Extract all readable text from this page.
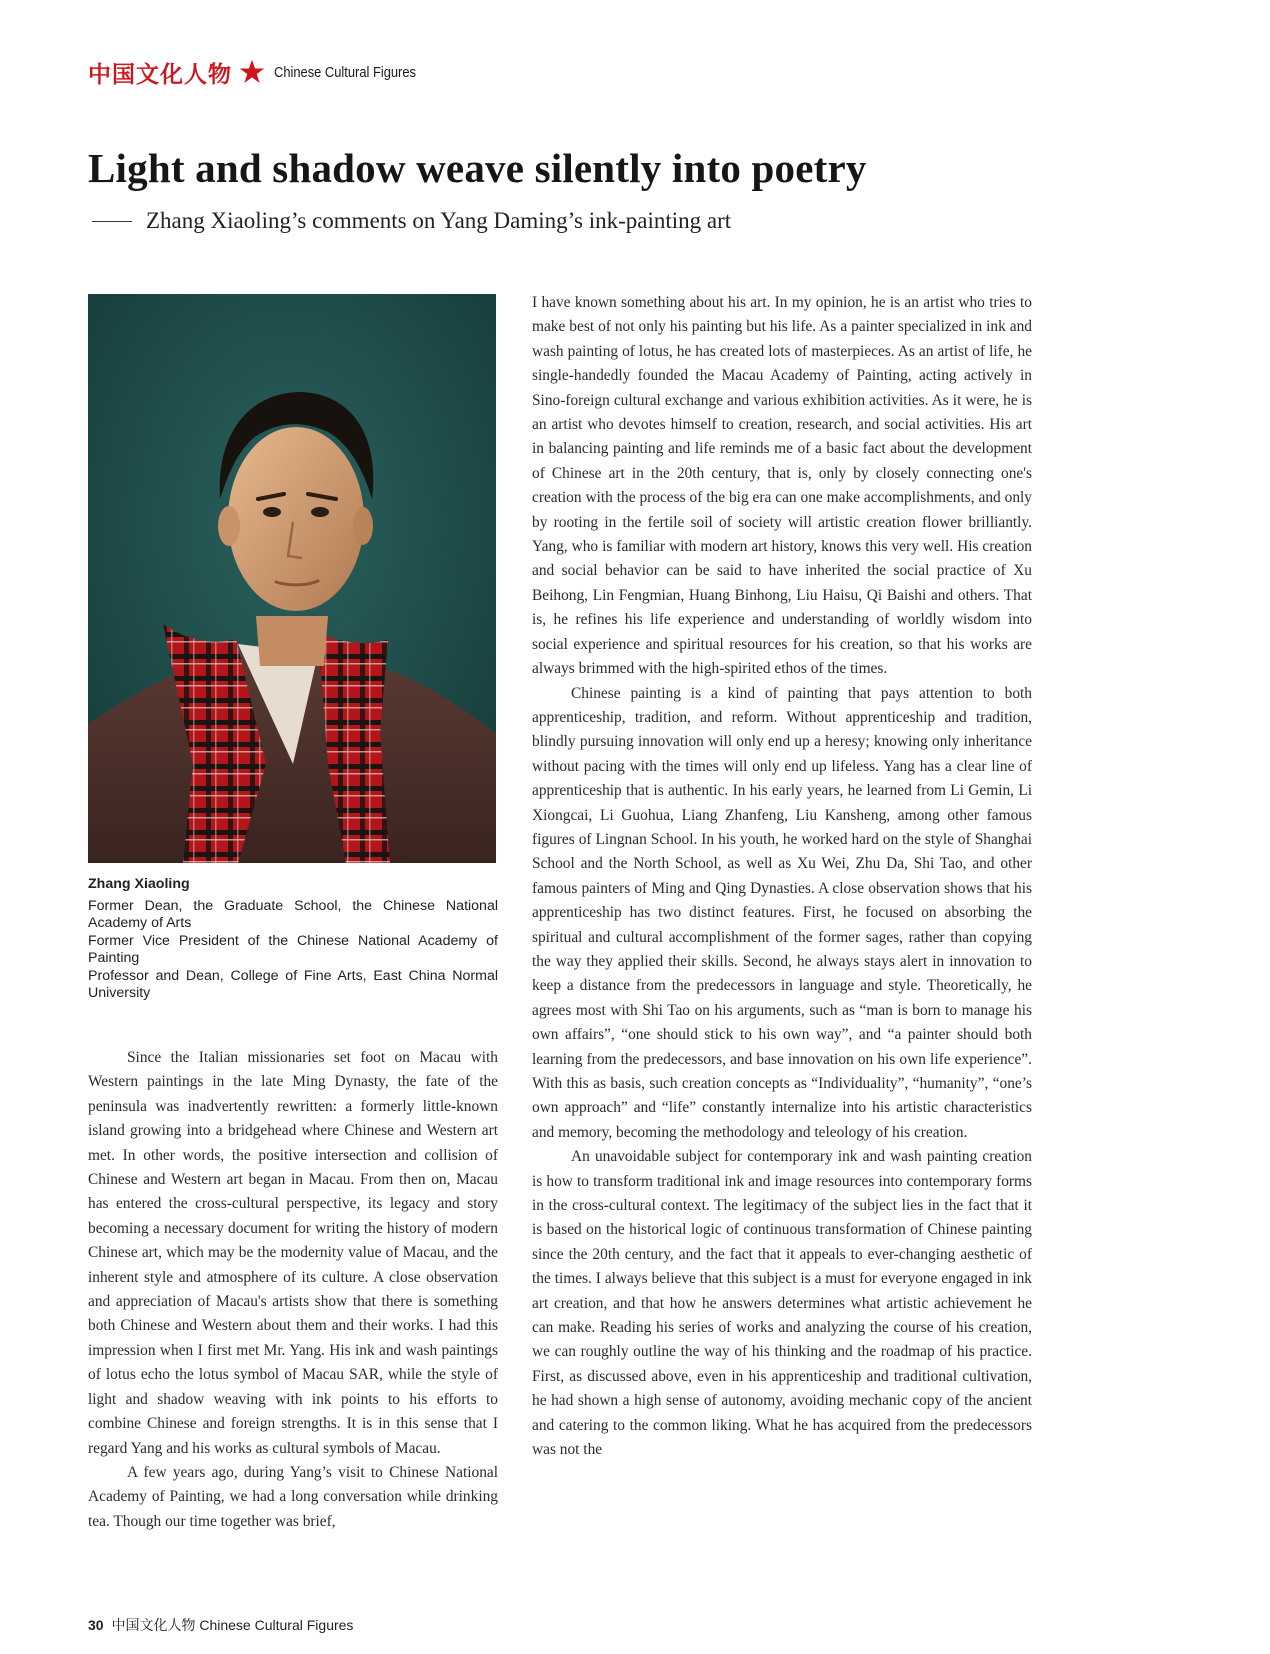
中国文化人物	Chinese Cultural Figures
Light and shadow weave silently into poetry
Zhang Xiaoling’s comments on Yang Daming’s ink-painting art
Zhang Xiaoling
Former Dean, the Graduate School, the Chinese National Academy of Arts
Former Vice President of the Chinese National Academy of Painting
Professor and Dean, College of Fine Arts, East China Normal University

Since the Italian missionaries set foot on Macau with Western paintings in the late Ming Dynasty, the fate of the peninsula was inadvertently rewritten: a formerly little-known island growing into a bridgehead where Chinese and Western art met. In other words, the positive intersection and collision of Chinese and Western art began in Macau. From then on, Macau has entered the cross-cultural perspective, its legacy and story becoming a necessary document for writing the history of modern Chinese art, which may be the modernity value of Macau, and the inherent style and atmosphere of its culture. A close observation and appreciation of Macau's artists show that there is something both Chinese and Western about them and their works. I had this impression when I first met Mr. Yang. His ink and wash paintings of lotus echo the lotus symbol of Macau SAR, while the style of light and shadow weaving with ink points to his efforts to combine Chinese and foreign strengths. It is in this sense that I regard Yang and his works as cultural symbols of Macau.

A few years ago, during Yang’s visit to Chinese National Academy of Painting, we had a long conversation while drinking tea. Though our time together was brief,

I have known something about his art. In my opinion, he is an artist who tries to make best of not only his painting but his life. As a painter specialized in ink and wash painting of lotus, he has created lots of masterpieces. As an artist of life, he single-handedly founded the Macau Academy of Painting, acting actively in Sino-foreign cultural exchange and various exhibition activities. As it were, he is an artist who devotes himself to creation, research, and social activities. His art in balancing painting and life reminds me of a basic fact about the development of Chinese art in the 20th century, that is, only by closely connecting one's creation with the process of the big era can one make accomplishments, and only by rooting in the fertile soil of society will artistic creation flower brilliantly. Yang, who is familiar with modern art history, knows this very well. His creation and social behavior can be said to have inherited the social practice of Xu Beihong, Lin Fengmian, Huang Binhong, Liu Haisu, Qi Baishi and others. That is, he refines his life experience and understanding of worldly wisdom into social experience and spiritual resources for his creation, so that his works are always brimmed with the high-spirited ethos of the times.

Chinese painting is a kind of painting that pays attention to both apprenticeship, tradition, and reform. Without apprenticeship and tradition, blindly pursuing innovation will only end up a heresy; knowing only inheritance without pacing with the times will only end up lifeless. Yang has a clear line of apprenticeship that is authentic. In his early years, he learned from Li Gemin, Li Xiongcai, Li Guohua, Liang Zhanfeng, Liu Kansheng, among other famous figures of Lingnan School. In his youth, he worked hard on the style of Shanghai School and the North School, as well as Xu Wei, Zhu Da, Shi Tao, and other famous painters of Ming and Qing Dynasties. A close observation shows that his apprenticeship has two distinct features. First, he focused on absorbing the spiritual and cultural accomplishment of the former sages, rather than copying the way they applied their skills. Second, he always stays alert in innovation to keep a distance from the predecessors in language and style. Theoretically, he agrees most with Shi Tao on his arguments, such as “man is born to manage his own affairs”, “one should stick to his own way”, and “a painter should both learning from the predecessors, and base innovation on his own life experience”. With this as basis, such creation concepts as “Individuality”, “humanity”, “one’s own approach” and “life” constantly internalize into his artistic characteristics and memory, becoming the methodology and teleology of his creation.

An unavoidable subject for contemporary ink and wash painting creation is how to transform traditional ink and image resources into contemporary forms in the cross-cultural context. The legitimacy of the subject lies in the fact that it is based on the historical logic of continuous transformation of Chinese painting since the 20th century, and the fact that it appeals to ever-changing aesthetic of the times. I always believe that this subject is a must for everyone engaged in ink art creation, and that how he answers determines what artistic achievement he can make. Reading his series of works and analyzing the course of his creation, we can roughly outline the way of his thinking and the roadmap of his practice. First, as discussed above, even in his apprenticeship and traditional cultivation, he had shown a high sense of autonomy, avoiding mechanic copy of the ancient and catering to the common liking. What he has acquired from the predecessors was not the

30 中国文化人物 Chinese Cultural Figures
